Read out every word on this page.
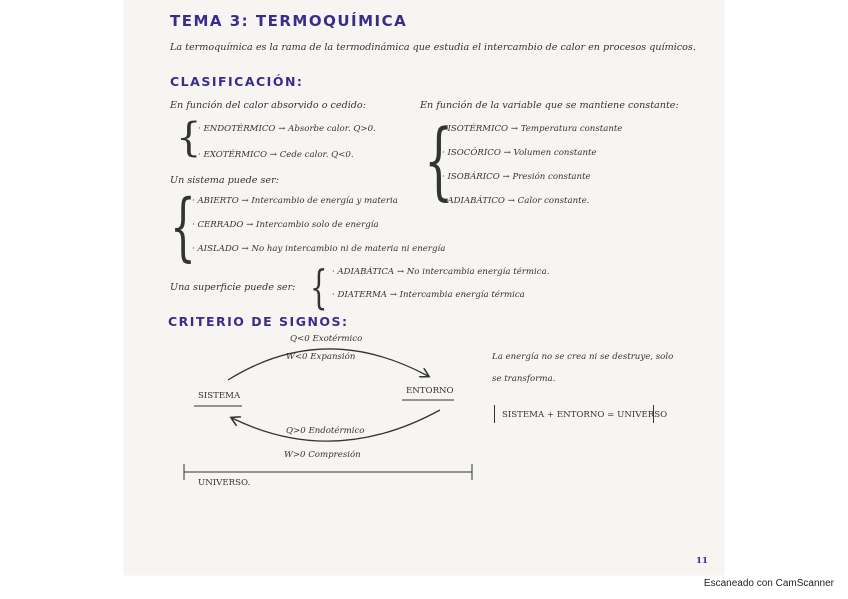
TEMA 3: TERMOQUÍMICA
La termoquímica es la rama de la termodinámica que estudia el intercambio de calor en procesos químicos.
CLASIFICACIÓN:
En función del calor absorvido o cedido:
{
· ENDOTÉRMICO → Absorbe calor. Q>0.
· EXOTÉRMICO → Cede calor. Q<0.
En función de la variable que se mantiene constante:
{
· ISOTÉRMICO → Temperatura constante
· ISOCÓRICO → Volumen constante
· ISOBÁRICO → Presión constante
· ADIABÁTICO → Calor constante.
Un sistema puede ser:
{
· ABIERTO → Intercambio de energía y materia
· CERRADO → Intercambio solo de energía
· AISLADO → No hay intercambio ni de materia ni energía
Una superficie puede ser: { · ADIABÁTICA → No intercambia energía térmica.
· DIATERMA → Intercambia energía térmica
CRITERIO DE SIGNOS:
Q<0 Exotérmico
W<0 Expansión
SISTEMA	ENTORNO
Q>0 Endotérmico
W>0 Compresión
UNIVERSO.
La energía no se crea ni se destruye, solo
se transforma.
SISTEMA + ENTORNO = UNIVERSO
11
Escaneado con CamScanner
